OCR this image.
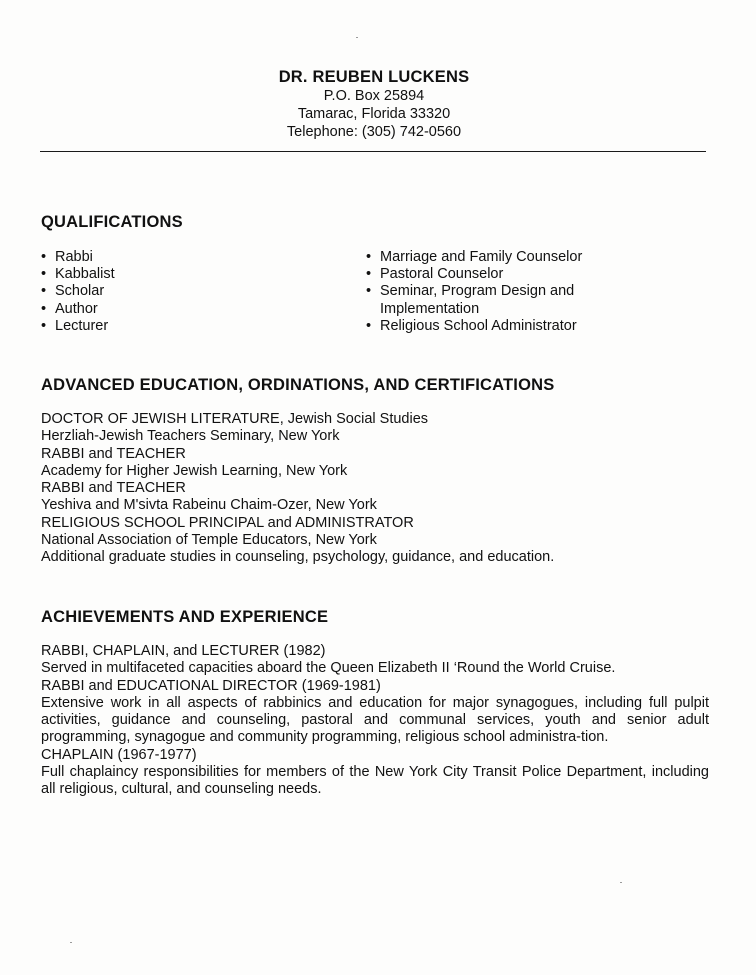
DR. REUBEN LUCKENS
P.O. Box 25894
Tamarac, Florida 33320
Telephone: (305) 742-0560
QUALIFICATIONS
• Rabbi
• Kabbalist
• Scholar
• Author
• Lecturer
• Marriage and Family Counselor
• Pastoral Counselor
• Seminar, Program Design and Implementation
• Religious School Administrator
ADVANCED EDUCATION, ORDINATIONS, AND CERTIFICATIONS

DOCTOR OF JEWISH LITERATURE, Jewish Social Studies

Herzliah-Jewish Teachers Seminary, New York

RABBI and TEACHER

Academy for Higher Jewish Learning, New York

RABBI and TEACHER

Yeshiva and M'sivta Rabeinu Chaim-Ozer, New York

RELIGIOUS SCHOOL PRINCIPAL and ADMINISTRATOR

National Association of Temple Educators, New York

Additional graduate studies in counseling, psychology, guidance, and education.

ACHIEVEMENTS AND EXPERIENCE

RABBI, CHAPLAIN, and LECTURER (1982)

Served in multifaceted capacities aboard the Queen Elizabeth II ‘Round the World Cruise.

RABBI and EDUCATIONAL DIRECTOR (1969-1981)

Extensive work in all aspects of rabbinics and education for major synagogues, including full pulpit activities, guidance and counseling, pastoral and communal services, youth and senior adult programming, synagogue and community programming, religious school administra-tion.

CHAPLAIN (1967-1977)

Full chaplaincy responsibilities for members of the New York City Transit Police Department, including all religious, cultural, and counseling needs.
